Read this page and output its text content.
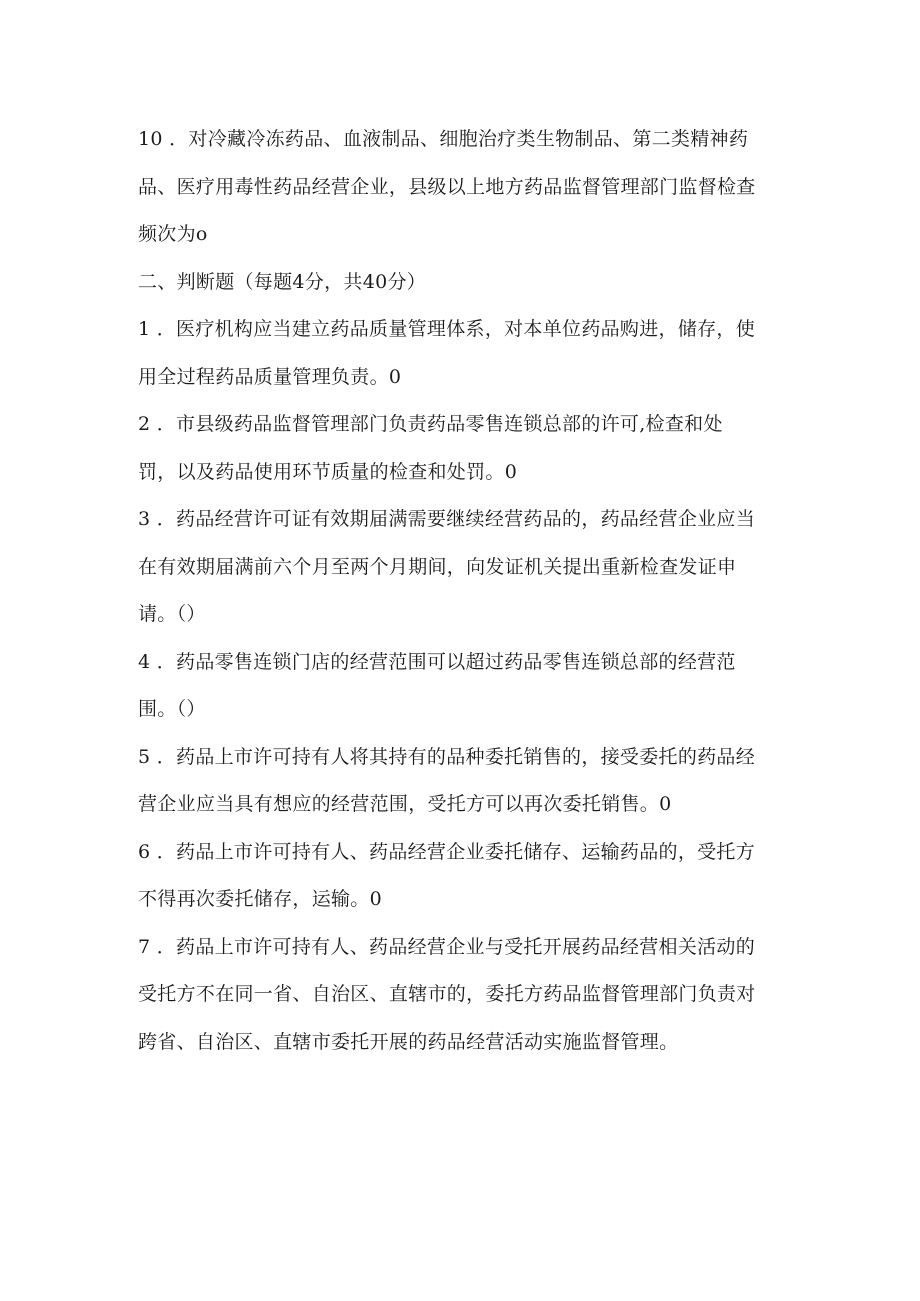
10 ．对冷藏冷冻药品、血液制品、细胞治疗类生物制品、第二类精神药
品、医疗用毒性药品经营企业，县级以上地方药品监督管理部门监督检查
频次为o
二、判断题（每题4分，共40分）
1 ．医疗机构应当建立药品质量管理体系，对本单位药品购进，储存，使
用全过程药品质量管理负责。0
2 ．市县级药品监督管理部门负责药品零售连锁总部的许可,检查和处
罚，以及药品使用环节质量的检查和处罚。0
3 ．药品经营许可证有效期届满需要继续经营药品的，药品经营企业应当
在有效期届满前六个月至两个月期间，向发证机关提出重新检查发证申
请。（）
4 ．药品零售连锁门店的经营范围可以超过药品零售连锁总部的经营范
围。（）
5 ．药品上市许可持有人将其持有的品种委托销售的，接受委托的药品经
营企业应当具有想应的经营范围，受托方可以再次委托销售。0
6 ．药品上市许可持有人、药品经营企业委托储存、运输药品的，受托方
不得再次委托储存，运输。0
7 ．药品上市许可持有人、药品经营企业与受托开展药品经营相关活动的
受托方不在同一省、自治区、直辖市的，委托方药品监督管理部门负责对
跨省、自治区、直辖市委托开展的药品经营活动实施监督管理。
